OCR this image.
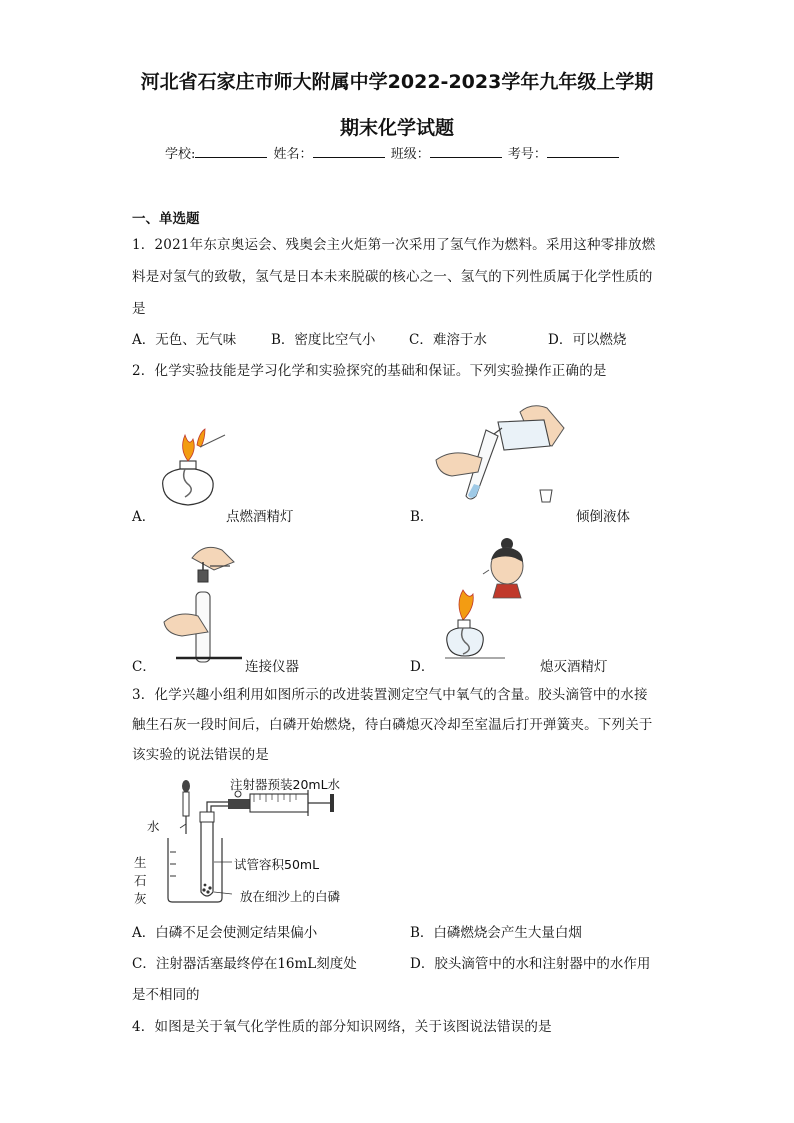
河北省石家庄市师大附属中学2022-2023学年九年级上学期
期末化学试题
学校:	姓名：	班级：	考号：
一、单选题
1．2021年东京奥运会、残奥会主火炬第一次采用了氢气作为燃料。采用这种零排放燃
料是对氢气的致敬，氢气是日本未来脱碳的核心之一、氢气的下列性质属于化学性质的
是
A．无色、无气味	B．密度比空气小 C．难溶于水	D．可以燃烧
2．化学实验技能是学习化学和实验探究的基础和保证。下列实验操作正确的是
A．	点燃酒精灯	B．	倾倒液体
C．	连接仪器	D．	熄灭酒精灯
3．化学兴趣小组利用如图所示的改进装置测定空气中氧气的含量。胶头滴管中的水接
触生石灰一段时间后，白磷开始燃烧，待白磷熄灭冷却至室温后打开弹簧夹。下列关于
该实验的说法错误的是
注射器预装20mL水
水
生
石
灰
试管容积50mL
放在细沙上的白磷
A．白磷不足会使测定结果偏小	B．白磷燃烧会产生大量白烟
C．注射器活塞最终停在16mL刻度处	D．胶头滴管中的水和注射器中的水作用
是不相同的
4．如图是关于氧气化学性质的部分知识网络，关于该图说法错误的是
